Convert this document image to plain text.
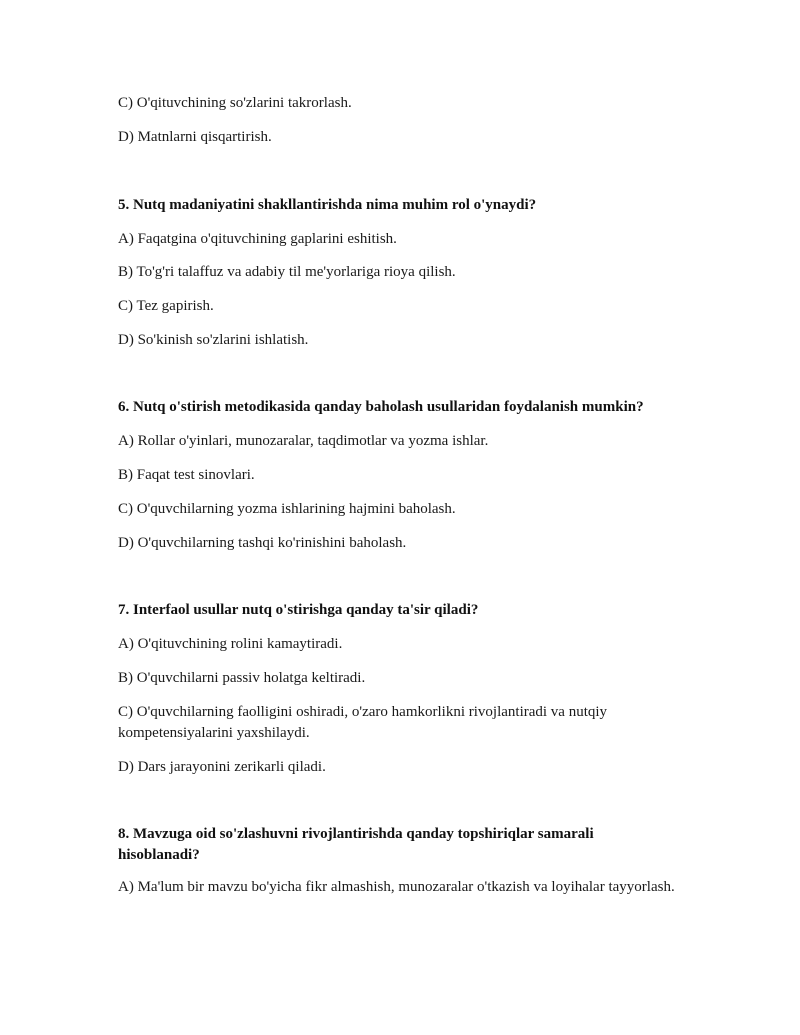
C) O'qituvchining so'zlarini takrorlash.

D) Matnlarni qisqartirish.

5. Nutq madaniyatini shakllantirishda nima muhim rol o'ynaydi?

A) Faqatgina o'qituvchining gaplarini eshitish.

B) To'g'ri talaffuz va adabiy til me'yorlariga rioya qilish.

C) Tez gapirish.

D) So'kinish so'zlarini ishlatish.

6. Nutq o'stirish metodikasida qanday baholash usullaridan foydalanish mumkin?

A) Rollar o'yinlari, munozaralar, taqdimotlar va yozma ishlar.

B) Faqat test sinovlari.

C) O'quvchilarning yozma ishlarining hajmini baholash.

D) O'quvchilarning tashqi ko'rinishini baholash.

7. Interfaol usullar nutq o'stirishga qanday ta'sir qiladi?

A) O'qituvchining rolini kamaytiradi.

B) O'quvchilarni passiv holatga keltiradi.

C) O'quvchilarning faolligini oshiradi, o'zaro hamkorlikni rivojlantiradi va nutqiy kompetensiyalarini yaxshilaydi.

D) Dars jarayonini zerikarli qiladi.

8. Mavzuga oid so'zlashuvni rivojlantirishda qanday topshiriqlar samarali hisoblanadi?

A) Ma'lum bir mavzu bo'yicha fikr almashish, munozaralar o'tkazish va loyihalar tayyorlash.
